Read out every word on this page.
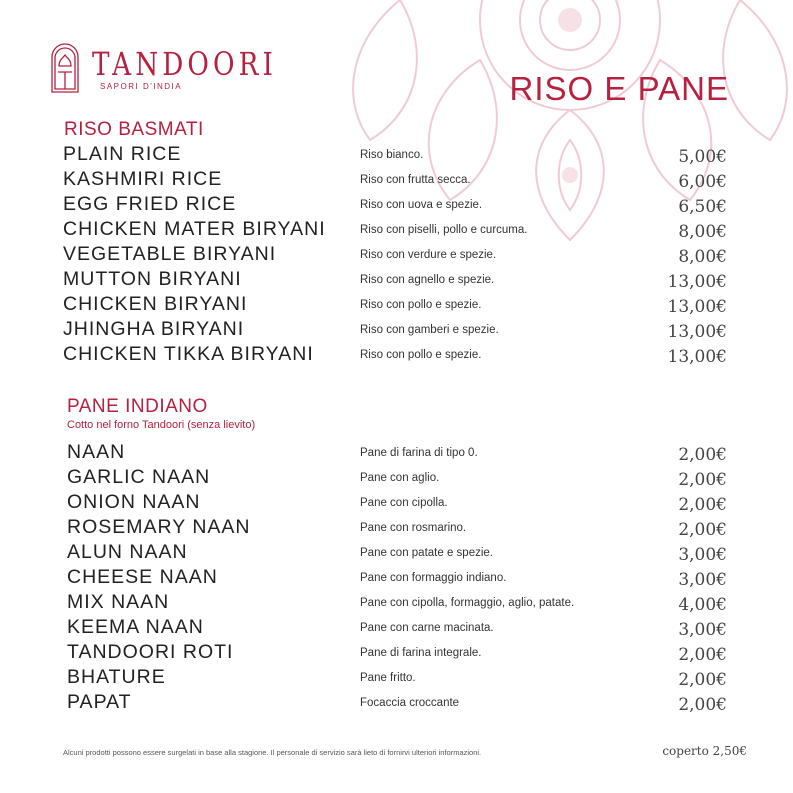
TANDOORI
SAPORI D'INDIA	RISO E PANE
RISO BASMATI
PLAIN RICE	Riso bianco.	5,00€
KASHMIRI RICE	Riso con frutta secca.	6,00€
EGG FRIED RICE	Riso con uova e spezie.	6,50€
CHICKEN MATER BIRYANI	Riso con piselli, pollo e curcuma.	8,00€
VEGETABLE BIRYANI	Riso con verdure e spezie.	8,00€
MUTTON BIRYANI	Riso con agnello e spezie.	13,00€
CHICKEN BIRYANI	Riso con pollo e spezie.	13,00€
JHINGHA BIRYANI	Riso con gamberi e spezie.	13,00€
CHICKEN TIKKA BIRYANI	Riso con pollo e spezie.	13,00€
PANE INDIANO
Cotto nel forno Tandoori (senza lievito)
NAAN	Pane di farina di tipo 0.	2,00€
GARLIC NAAN	Pane con aglio.	2,00€
ONION NAAN	Pane con cipolla.	2,00€
ROSEMARY NAAN	Pane con rosmarino.	2,00€
ALUN NAAN	Pane con patate e spezie.	3,00€
CHEESE NAAN	Pane con formaggio indiano.	3,00€
MIX NAAN	Pane con cipolla, formaggio, aglio, patate.	4,00€
KEEMA NAAN	Pane con carne macinata.	3,00€
TANDOORI ROTI	Pane di farina integrale.	2,00€
BHATURE	Pane fritto.	2,00€
PAPAT	Focaccia croccante	2,00€
Alcuni prodotti possono essere surgelati in base alla stagione. Il personale di servizio sarà lieto di fornirvi ulteriori informazioni.	coperto 2,50€
